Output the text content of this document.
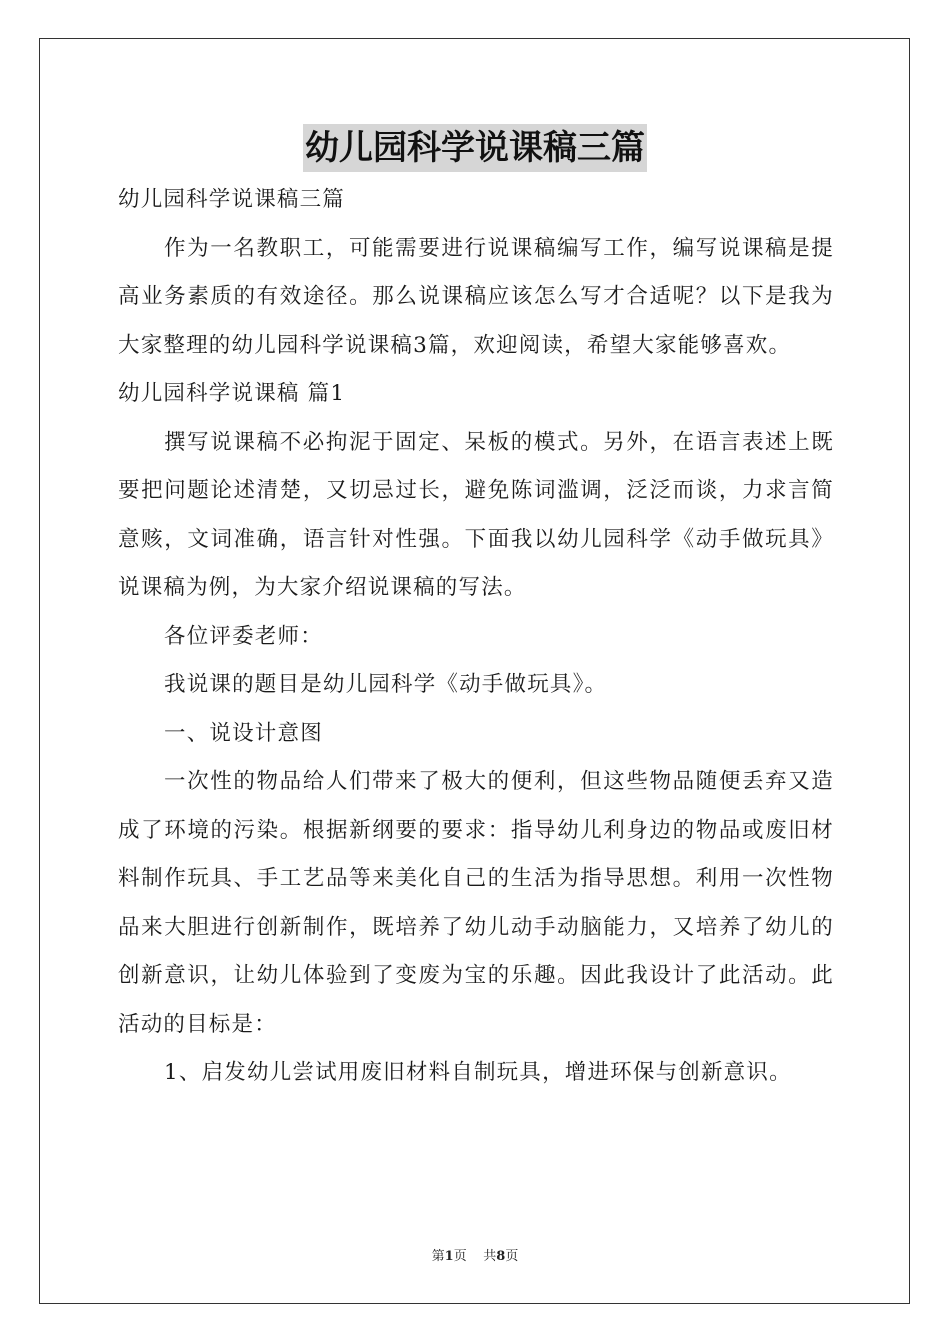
幼儿园科学说课稿三篇

幼儿园科学说课稿三篇

作为一名教职工，可能需要进行说课稿编写工作，编写说课稿是提高业务素质的有效途径。那么说课稿应该怎么写才合适呢？以下是我为大家整理的幼儿园科学说课稿3篇，欢迎阅读，希望大家能够喜欢。

幼儿园科学说课稿 篇1

撰写说课稿不必拘泥于固定、呆板的模式。另外，在语言表述上既要把问题论述清楚，又切忌过长，避免陈词滥调，泛泛而谈，力求言简意赅，文词准确，语言针对性强。下面我以幼儿园科学《动手做玩具》说课稿为例，为大家介绍说课稿的写法。

各位评委老师：

我说课的题目是幼儿园科学《动手做玩具》。

一、说设计意图

一次性的物品给人们带来了极大的便利，但这些物品随便丢弃又造成了环境的污染。根据新纲要的要求：指导幼儿利身边的物品或废旧材料制作玩具、手工艺品等来美化自己的生活为指导思想。利用一次性物品来大胆进行创新制作，既培养了幼儿动手动脑能力，又培养了幼儿的创新意识，让幼儿体验到了变废为宝的乐趣。因此我设计了此活动。此活动的目标是：

1、启发幼儿尝试用废旧材料自制玩具，增进环保与创新意识。

第1页 共8页
